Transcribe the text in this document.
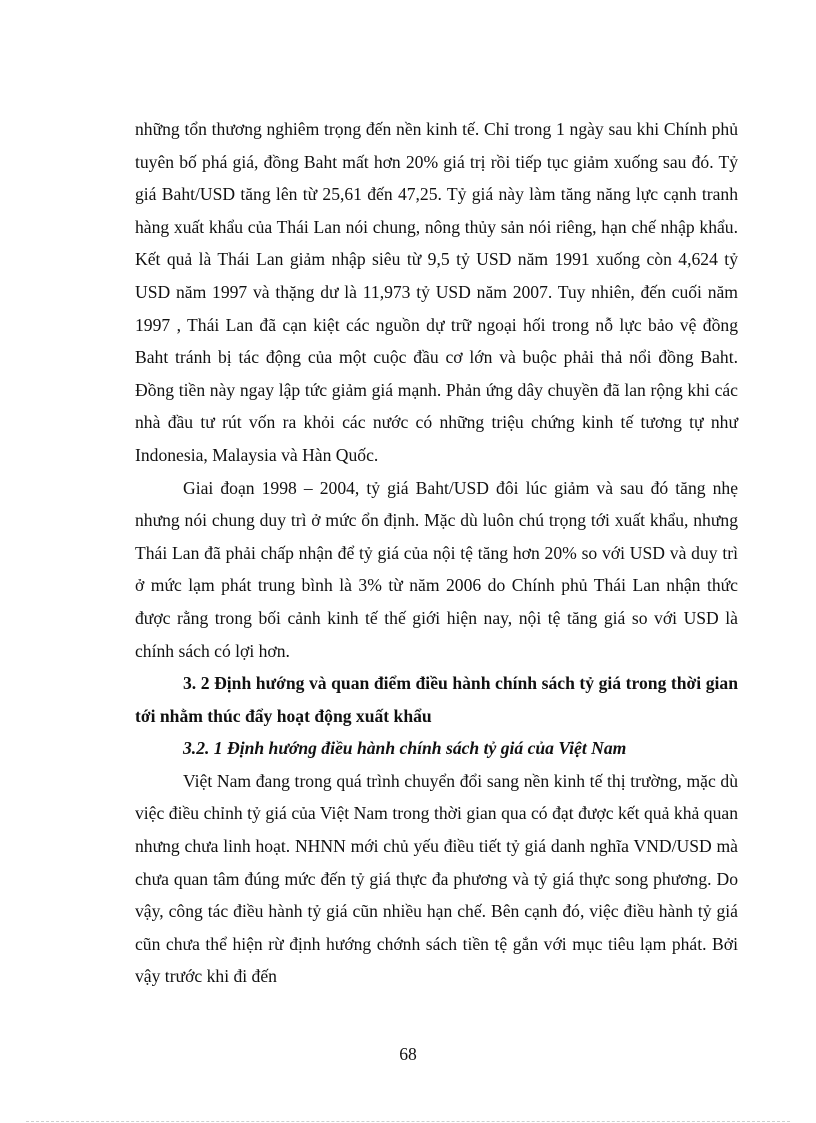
những tổn thương nghiêm trọng đến nền kinh tế. Chỉ trong 1 ngày sau khi Chính phủ tuyên bố phá giá, đồng Baht mất hơn 20% giá trị rồi tiếp tục giảm xuống sau đó. Tỷ giá Baht/USD tăng lên từ 25,61 đến 47,25. Tỷ giá này làm tăng năng lực cạnh tranh hàng xuất khẩu của Thái Lan nói chung, nông thủy sản nói riêng, hạn chế nhập khẩu. Kết quả là Thái Lan giảm nhập siêu từ 9,5 tỷ USD năm 1991 xuống còn 4,624 tỷ USD năm 1997 và thặng dư là 11,973 tỷ USD năm 2007. Tuy nhiên, đến cuối năm 1997 , Thái Lan đã cạn kiệt các nguồn dự trữ ngoại hối trong nỗ lực bảo vệ đồng Baht tránh bị tác động của một cuộc đầu cơ lớn và buộc phải thả nổi đồng Baht. Đồng tiền này ngay lập tức giảm giá mạnh. Phản ứng dây chuyền đã lan rộng khi các nhà đầu tư rút vốn ra khỏi các nước có những triệu chứng kinh tế tương tự như Indonesia, Malaysia và Hàn Quốc.

Giai đoạn 1998 – 2004, tỷ giá Baht/USD đôi lúc giảm và sau đó tăng nhẹ nhưng nói chung duy trì ở mức ổn định. Mặc dù luôn chú trọng tới xuất khẩu, nhưng Thái Lan đã phải chấp nhận để tỷ giá của nội tệ tăng hơn 20% so với USD và duy trì ở mức lạm phát trung bình là 3% từ năm 2006 do Chính phủ Thái Lan nhận thức được rằng trong bối cảnh kinh tế thế giới hiện nay, nội tệ tăng giá so với USD là chính sách có lợi hơn.

3. 2 Định hướng và quan điểm điều hành chính sách tỷ giá trong thời gian tới nhằm thúc đẩy hoạt động xuất khẩu

3.2. 1 Định hướng điều hành chính sách tỷ giá của Việt Nam

Việt Nam đang trong quá trình chuyển đổi sang nền kinh tế thị trường, mặc dù việc điều chỉnh tỷ giá của Việt Nam trong thời gian qua có đạt được kết quả khả quan nhưng chưa linh hoạt. NHNN mới chủ yếu điều tiết tỷ giá danh nghĩa VND/USD mà chưa quan tâm đúng mức đến tỷ giá thực đa phương và tỷ giá thực song phương. Do vậy, công tác điều hành tỷ giá cũn nhiều hạn chế. Bên cạnh đó, việc điều hành tỷ giá cũn chưa thể hiện rừ định hướng chớnh sách tiền tệ gắn với mục tiêu lạm phát. Bởi vậy trước khi đi đến

68
